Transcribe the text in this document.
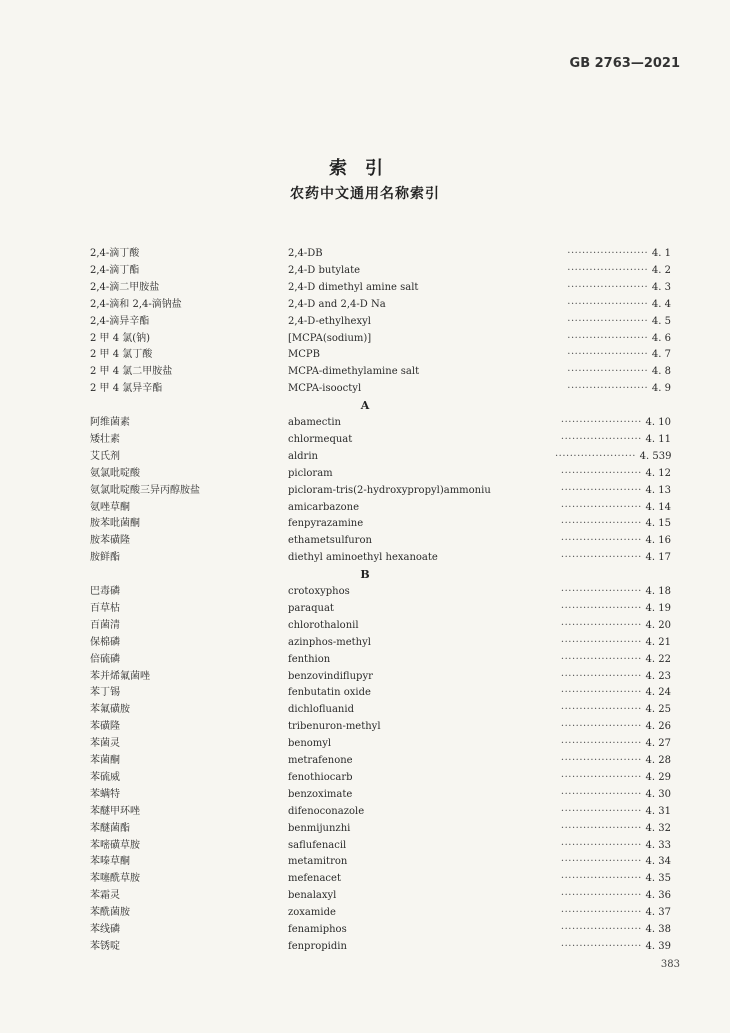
GB 2763—2021
索引
农药中文通用名称索引
2,4-滴丁酸	2,4-DB	······················ 4. 1
2,4-滴丁酯	2,4-D butylate	······················ 4. 2
2,4-滴二甲胺盐	2,4-D dimethyl amine salt	······················ 4. 3
2,4-滴和 2,4-滴钠盐	2,4-D and 2,4-D Na	······················ 4. 4
2,4-滴异辛酯	2,4-D-ethylhexyl	······················ 4. 5
2 甲 4 氯(钠)	[MCPA(sodium)]	······················ 4. 6
2 甲 4 氯丁酸	MCPB	······················ 4. 7
2 甲 4 氯二甲胺盐	MCPA-dimethylamine salt	······················ 4. 8
2 甲 4 氯异辛酯	MCPA-isooctyl	······················ 4. 9
A
阿维菌素	abamectin	······················ 4. 10
矮壮素	chlormequat	······················ 4. 11
艾氏剂	aldrin	······················ 4. 539
氨氯吡啶酸	picloram	······················ 4. 12
氨氯吡啶酸三异丙醇胺盐	picloram-tris(2-hydroxypropyl)ammoniu	······················ 4. 13
氨唑草酮	amicarbazone	······················ 4. 14
胺苯吡菌酮	fenpyrazamine	······················ 4. 15
胺苯磺隆	ethametsulfuron	······················ 4. 16
胺鲜酯	diethyl aminoethyl hexanoate	······················ 4. 17
B
巴毒磷	crotoxyphos	······················ 4. 18
百草枯	paraquat	······················ 4. 19
百菌清	chlorothalonil	······················ 4. 20
保棉磷	azinphos-methyl	······················ 4. 21
倍硫磷	fenthion	······················ 4. 22
苯并烯氟菌唑	benzovindiflupyr	······················ 4. 23
苯丁锡	fenbutatin oxide	······················ 4. 24
苯氟磺胺	dichlofluanid	······················ 4. 25
苯磺隆	tribenuron-methyl	······················ 4. 26
苯菌灵	benomyl	······················ 4. 27
苯菌酮	metrafenone	······················ 4. 28
苯硫威	fenothiocarb	······················ 4. 29
苯螨特	benzoximate	······················ 4. 30
苯醚甲环唑	difenoconazole	······················ 4. 31
苯醚菌酯	benmijunzhi	······················ 4. 32
苯嘧磺草胺	saflufenacil	······················ 4. 33
苯嗪草酮	metamitron	······················ 4. 34
苯噻酰草胺	mefenacet	······················ 4. 35
苯霜灵	benalaxyl	······················ 4. 36
苯酰菌胺	zoxamide	······················ 4. 37
苯线磷	fenamiphos	······················ 4. 38
苯锈啶	fenpropidin	······················ 4. 39
383
